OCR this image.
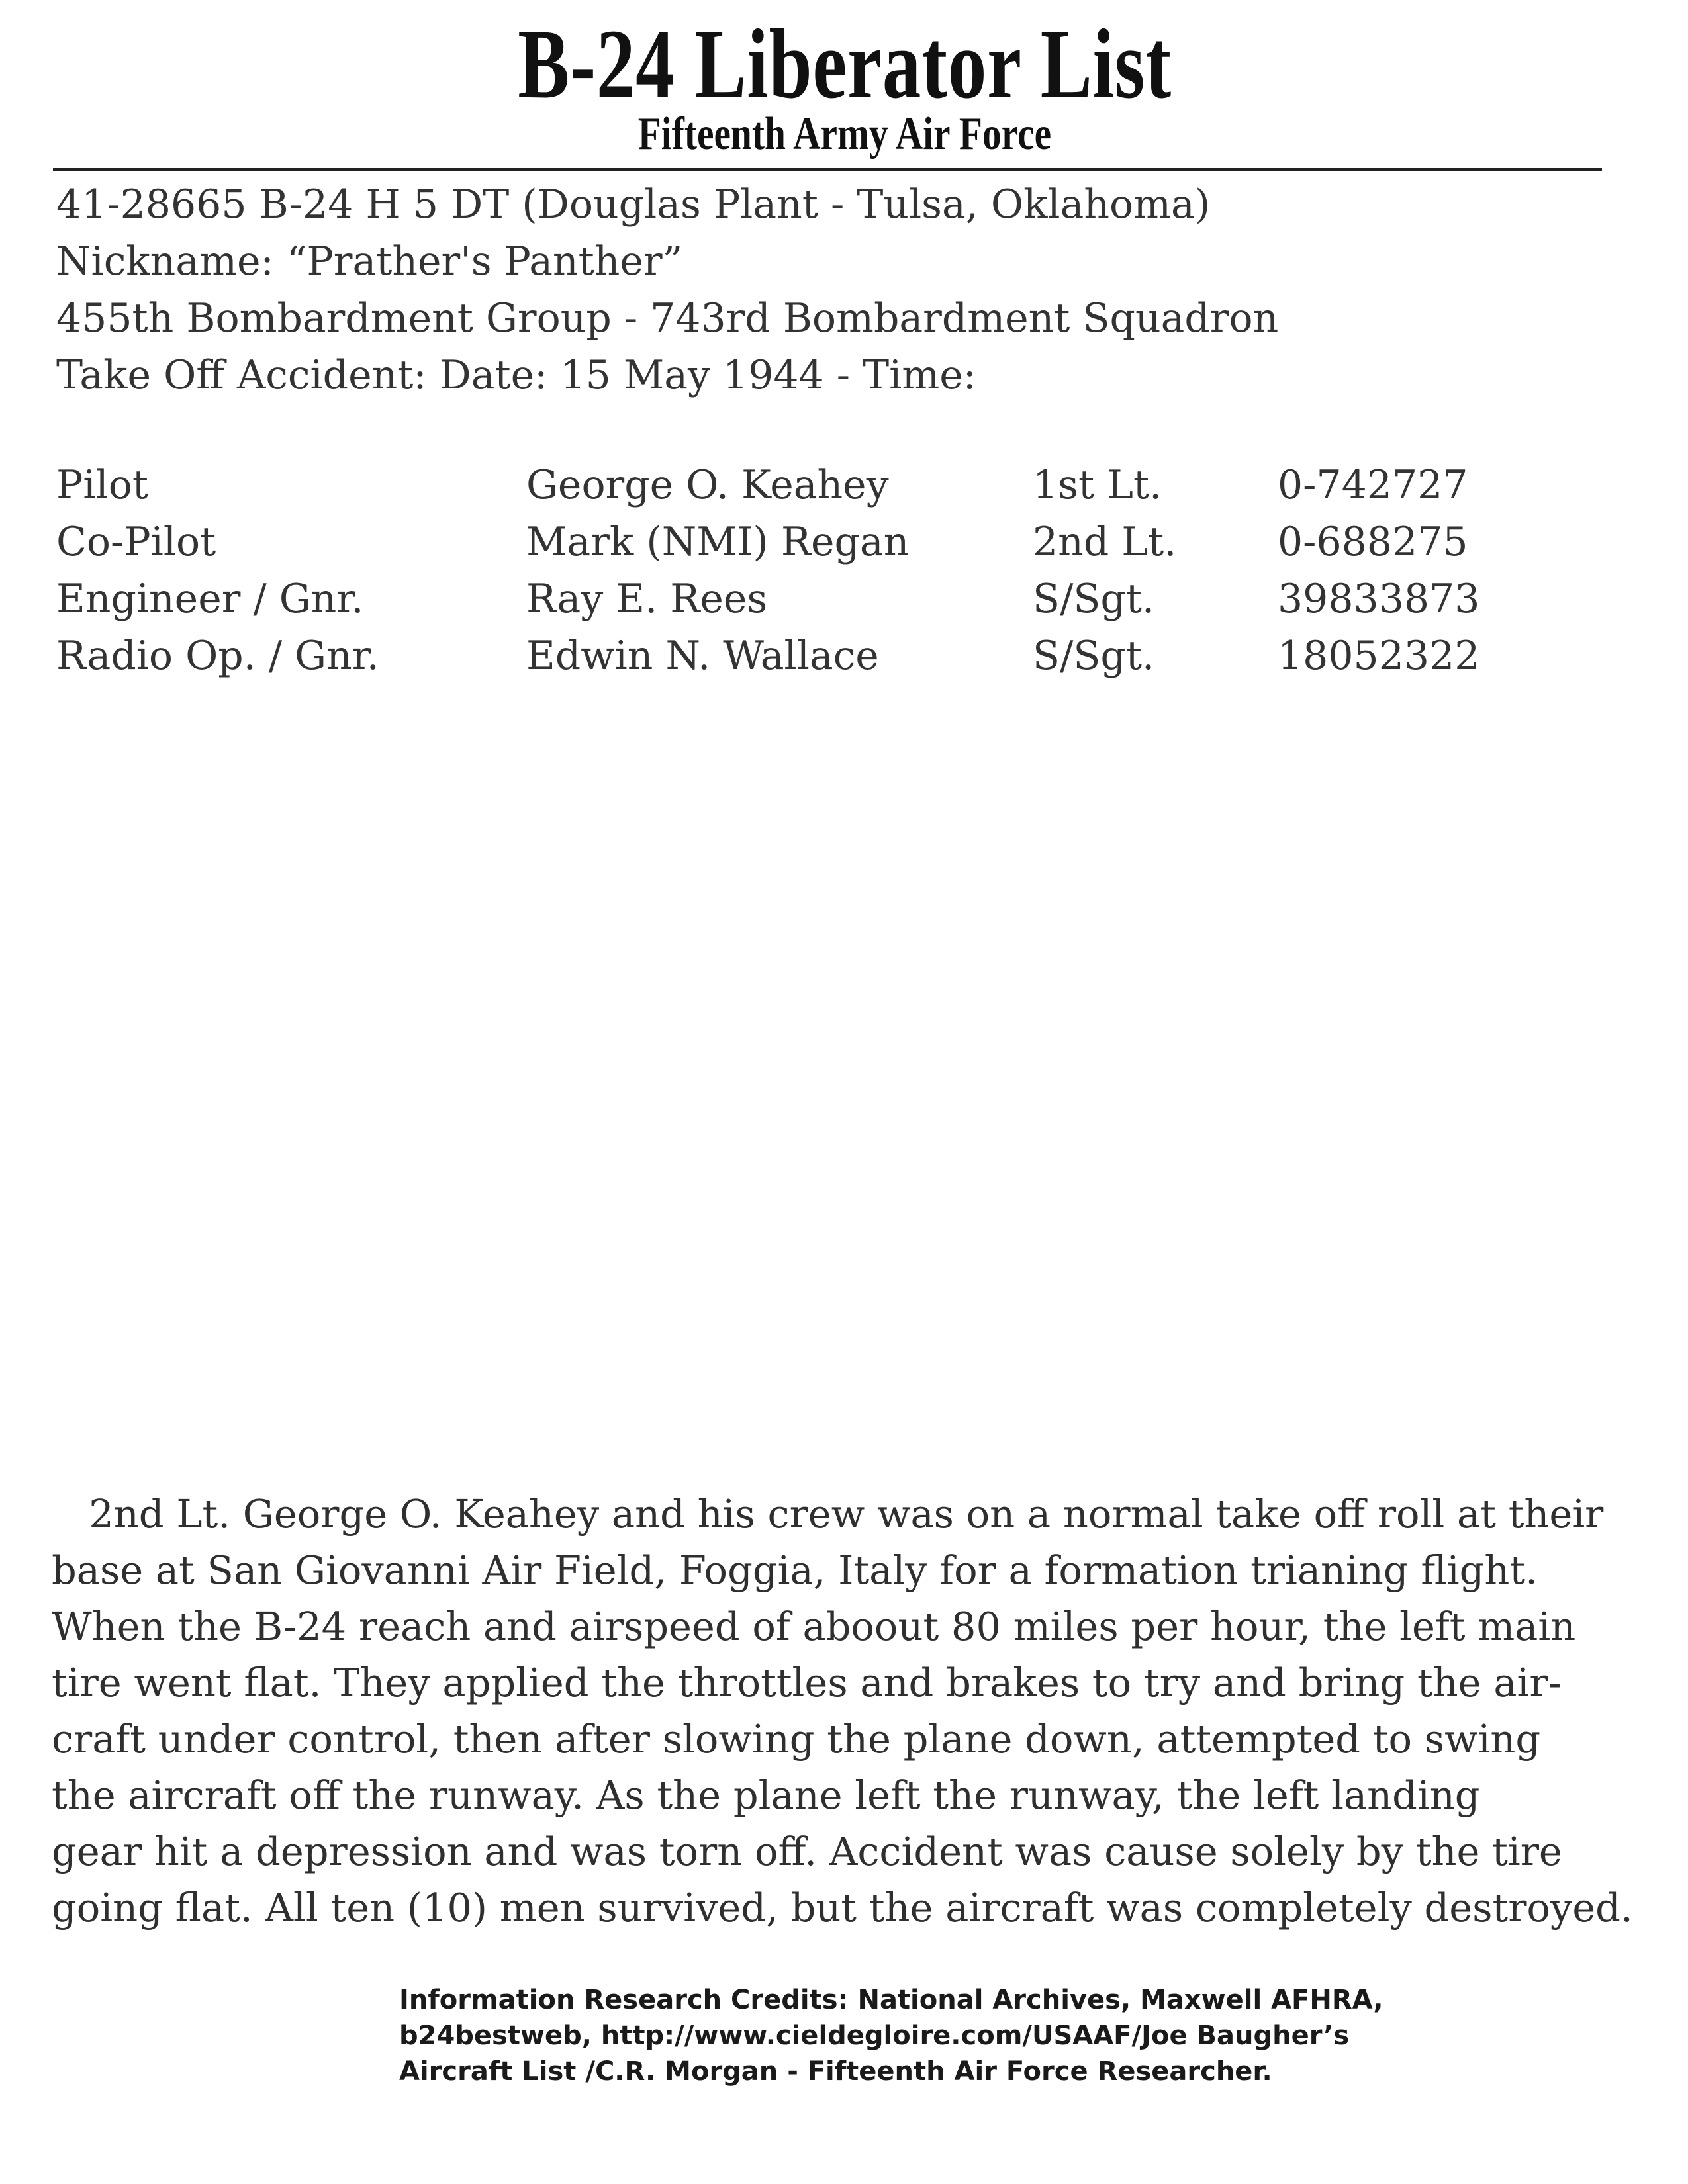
B-24 Liberator List
Fifteenth Army Air Force
41-28665 B-24 H 5 DT (Douglas Plant - Tulsa, Oklahoma)
Nickname: “Prather's Panther”
455th Bombardment Group - 743rd Bombardment Squadron
Take Off Accident: Date: 15 May 1944 - Time:
Pilot	George O. Keahey	1st Lt.	0-742727
Co-Pilot	Mark (NMI) Regan	2nd Lt.	0-688275
Engineer / Gnr.	Ray E. Rees	S/Sgt.	39833873
Radio Op. / Gnr.	Edwin N. Wallace	S/Sgt.	18052322
2nd Lt. George O. Keahey and his crew was on a normal take off roll at their
base at San Giovanni Air Field, Foggia, Italy for a formation trianing flight.
When the B-24 reach and airspeed of aboout 80 miles per hour, the left main
tire went flat. They applied the throttles and brakes to try and bring the air-
craft under control, then after slowing the plane down, attempted to swing
the aircraft off the runway. As the plane left the runway, the left landing
gear hit a depression and was torn off. Accident was cause solely by the tire
going flat. All ten (10) men survived, but the aircraft was completely destroyed.
Information Research Credits: National Archives, Maxwell AFHRA,
b24bestweb, http://www.cieldegloire.com/USAAF/Joe Baugher’s
Aircraft List /C.R. Morgan - Fifteenth Air Force Researcher.
